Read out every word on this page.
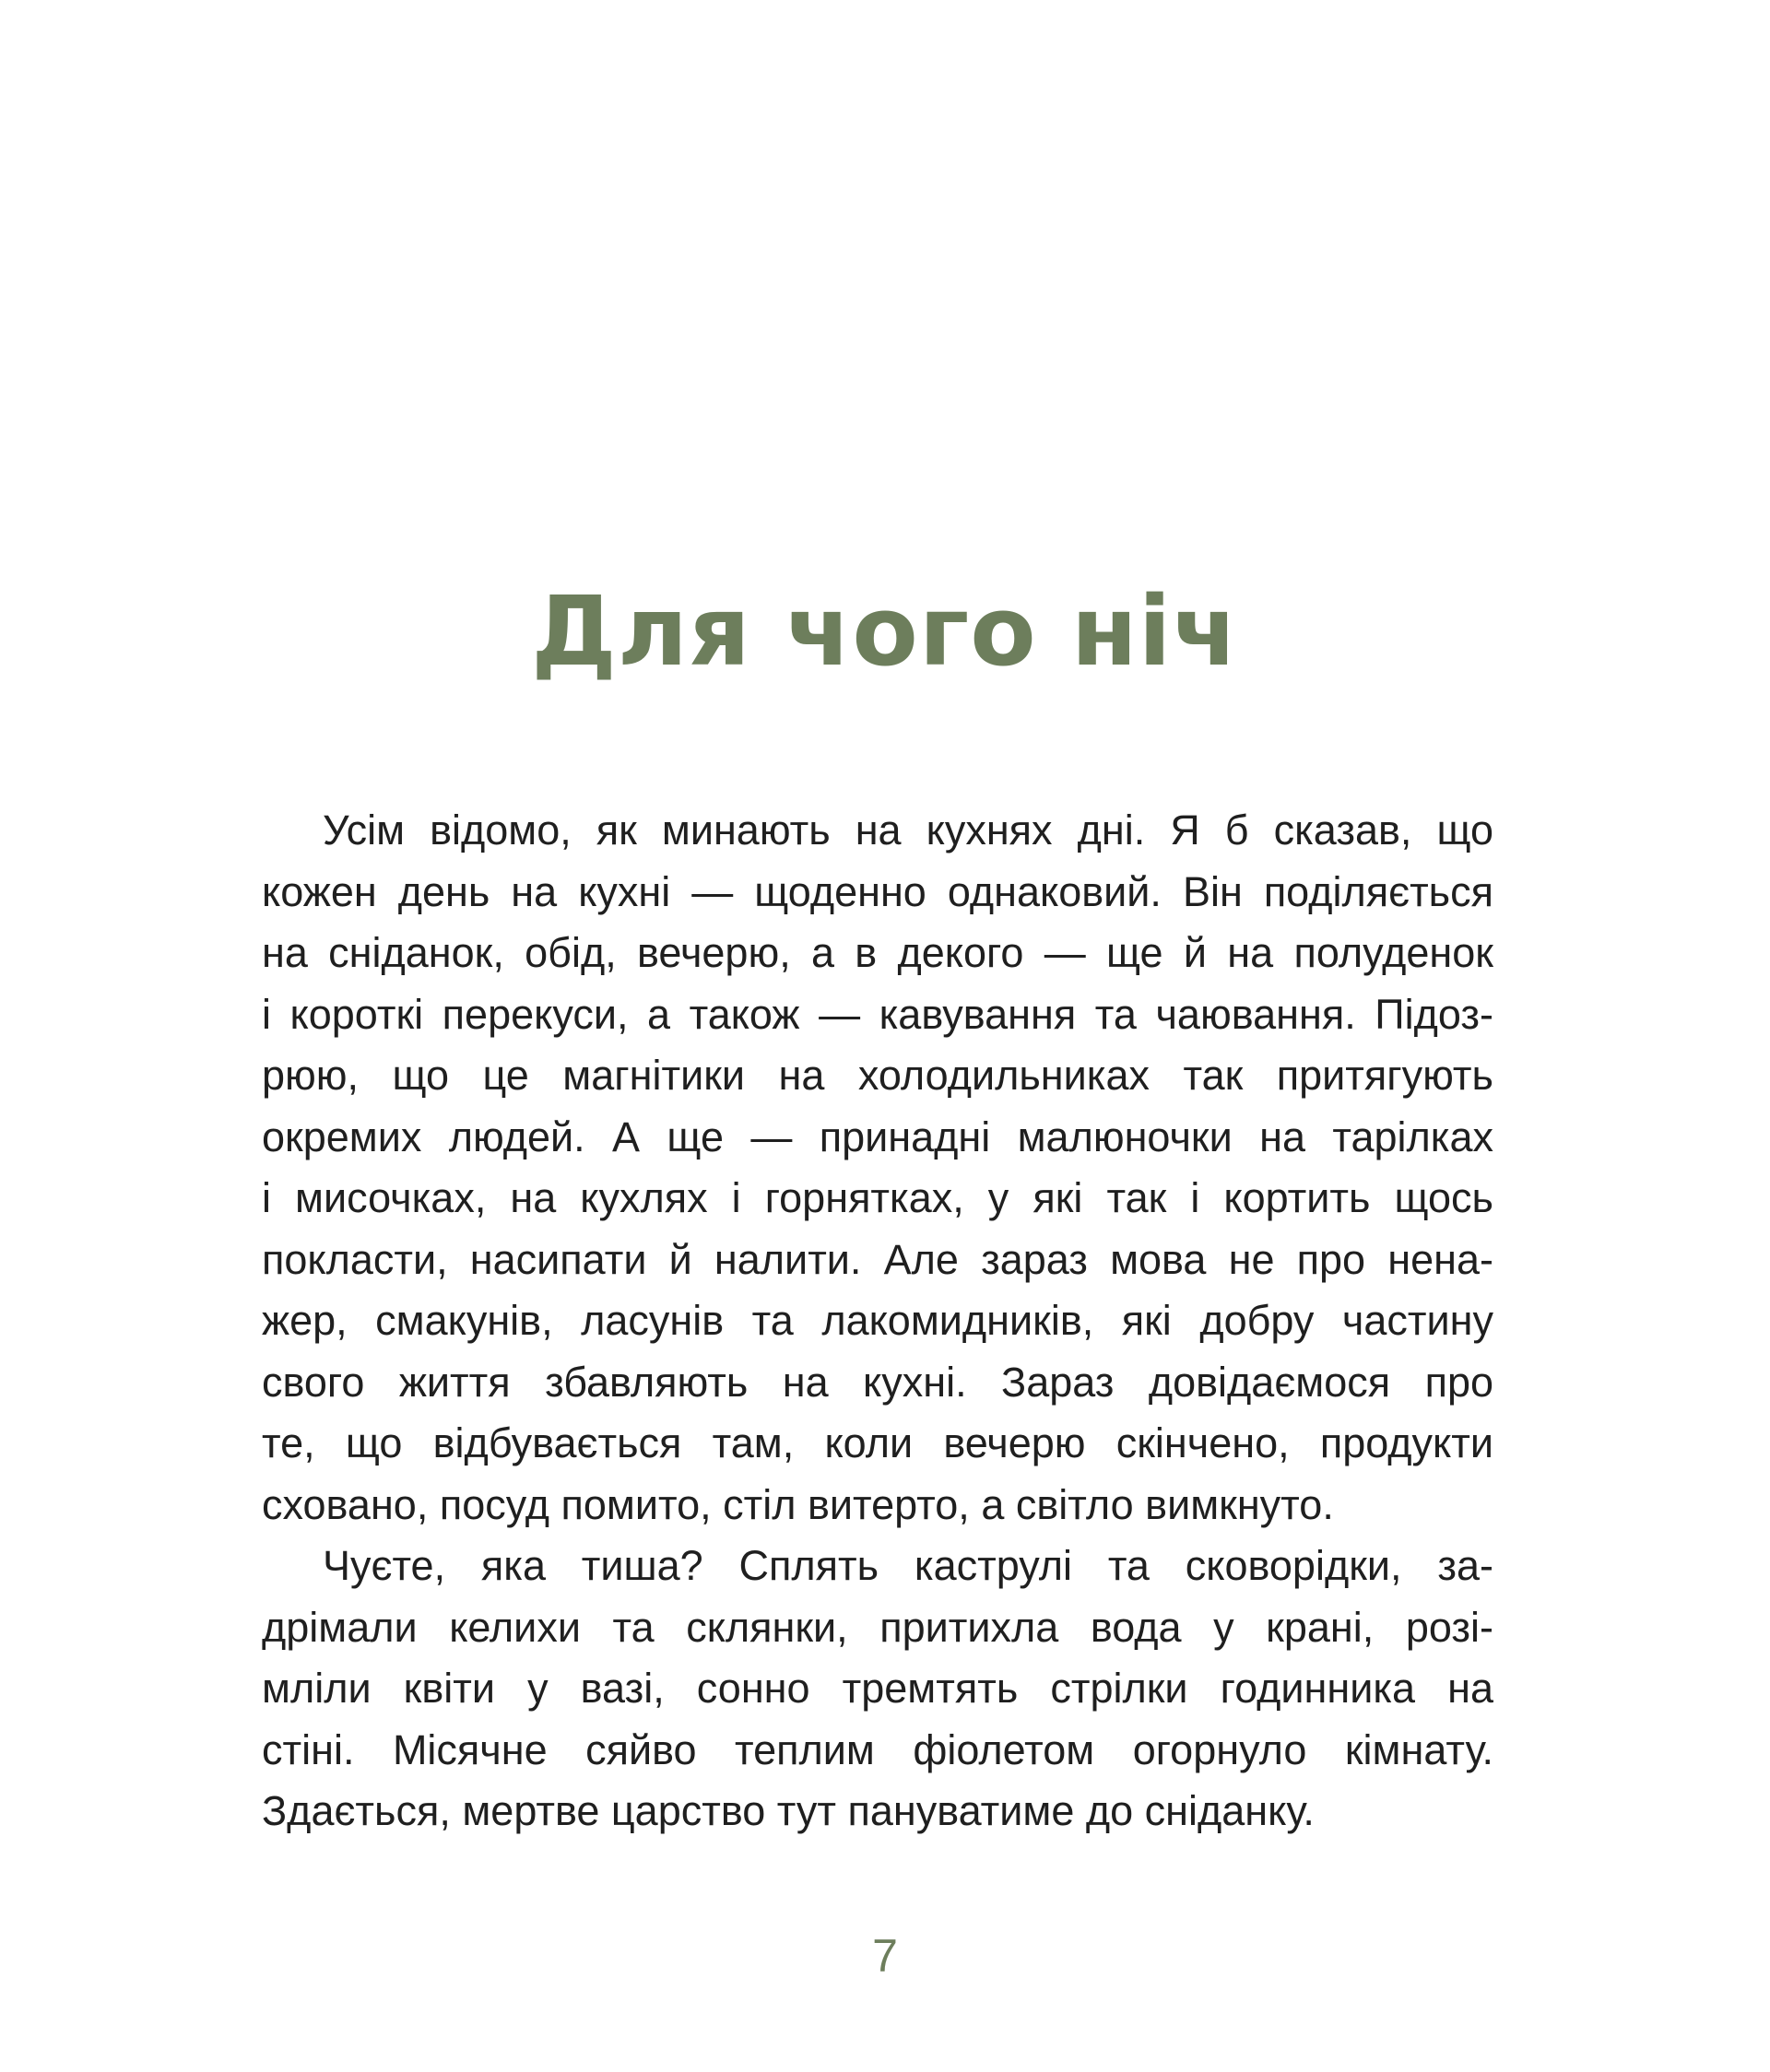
Для чого ніч
Усім відомо, як минають на кухнях дні. Я б сказав, що
кожен день на кухні — щоденно однаковий. Він поділяється
на сніданок, обід, вечерю, а в декого — ще й на полуденок
і короткі перекуси, а також — кавування та чаювання. Підоз-
рюю, що це магнітики на холодильниках так притягують
окремих людей. А ще — принадні малюночки на тарілках
і мисочках, на кухлях і горнятках, у які так і кортить щось
покласти, насипати й налити. Але зараз мова не про нена-
жер, смакунів, ласунів та лакомидників, які добру частину
свого життя збавляють на кухні. Зараз довідаємося про
те, що відбувається там, коли вечерю скінчено, продукти
сховано, посуд помито, стіл витерто, а світло вимкнуто.
Чуєте, яка тиша? Сплять каструлі та сковорідки, за-
дрімали келихи та склянки, притихла вода у крані, розі-
мліли квіти у вазі, сонно тремтять стрілки годинника на
стіні. Місячне сяйво теплим фіолетом огорнуло кімнату.
Здається, мертве царство тут пануватиме до сніданку.
7
